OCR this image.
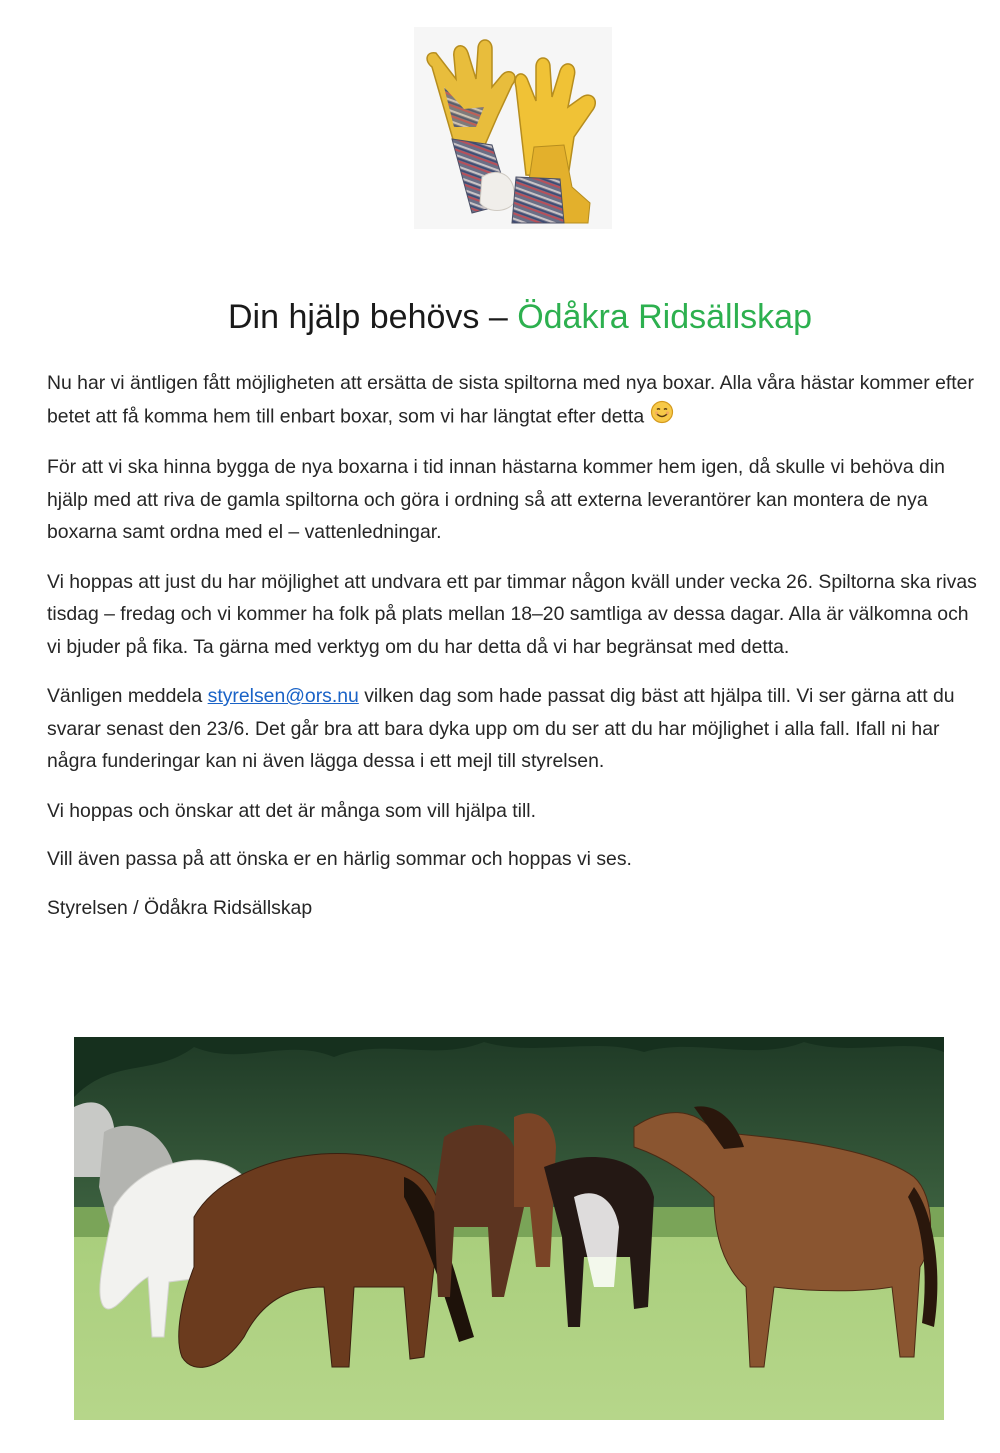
Din hjälp behövs – Ödåkra Ridsällskap

Nu har vi äntligen fått möjligheten att ersätta de sista spiltorna med nya boxar. Alla våra hästar kommer efter betet att få komma hem till enbart boxar, som vi har längtat efter detta

För att vi ska hinna bygga de nya boxarna i tid innan hästarna kommer hem igen, då skulle vi behöva din hjälp med att riva de gamla spiltorna och göra i ordning så att externa leverantörer kan montera de nya boxarna samt ordna med el – vattenledningar.

Vi hoppas att just du har möjlighet att undvara ett par timmar någon kväll under vecka 26. Spiltorna ska rivas tisdag – fredag och vi kommer ha folk på plats mellan 18–20 samtliga av dessa dagar. Alla är välkomna och vi bjuder på fika. Ta gärna med verktyg om du har detta då vi har begränsat med detta.

Vänligen meddela styrelsen@ors.nu vilken dag som hade passat dig bäst att hjälpa till. Vi ser gärna att du svarar senast den 23/6. Det går bra att bara dyka upp om du ser att du har möjlighet i alla fall. Ifall ni har några funderingar kan ni även lägga dessa i ett mejl till styrelsen.

Vi hoppas och önskar att det är många som vill hjälpa till.

Vill även passa på att önska er en härlig sommar och hoppas vi ses.

Styrelsen / Ödåkra Ridsällskap
